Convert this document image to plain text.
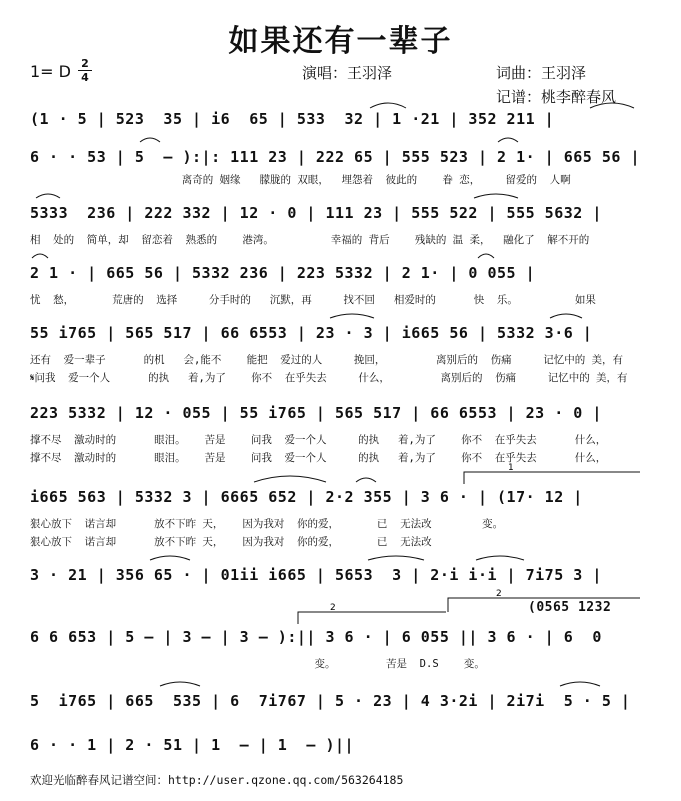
如果还有一辈子
1= D 2
4	演唱：王羽泽	词曲：王羽泽
记谱：桃李醉春风
(1 · 5 | 523  35 | i6  65 | 533  32 | 1 ·21 | 352 211 |
6 · · 53 | 5  – ):|: 111 23 | 222 65 | 555 523 | 2 1· | 665 56 |
离奇的 姻缘   朦胧的 双眼，  埋怨着  彼此的    眷 恋，    留爱的  人啊
5333  236 | 222 332 | 12 · 0 | 111 23 | 555 522 | 555 5632 |
相  处的  简单，却  留恋着  熟悉的    港湾。         幸福的 背后    残缺的 温 柔，  融化了  解不开的
2 1 · | 665 56 | 5332 236 | 223 5332 | 2 1· | 0 055 |
忧  愁，      荒唐的  选择     分手时的   沉默，再     找不回   相爱时的      快  乐。         如果
55 i765 | 565 517 | 66 6553 | 23 · 3 | i665 56 | 5332 3·6 |
还有  爱一辈子      的机   会,能不    能把  爱过的人     挽回，        离别后的  伤痛     记忆中的 美，有
𝄋问我  爱一个人      的执   着,为了    你不  在乎失去     什么，        离别后的  伤痛     记忆中的 美，有
223 5332 | 12 · 055 | 55 i765 | 565 517 | 66 6553 | 23 · 0 |
撑不尽  激动时的      眼泪。   苦是    问我  爱一个人     的执   着,为了    你不  在乎失去      什么，
撑不尽  激动时的      眼泪。   苦是    问我  爱一个人     的执   着,为了    你不  在乎失去      什么，
i665 563 | 5332 3 | 6665 652 | 2·2 355 | 3 6 · | (17· 12 |
狠心放下  诺言却      放不下昨 天，   因为我对  你的爱，      已  无法改        变。
狠心放下  诺言却      放不下昨 天，   因为我对  你的爱，      已  无法改
3 · 21 | 356 65 · | 01ii i665 | 5653  3 | 2·i i·i | 7i75 3 |
(0565 1232
6 6 653 | 5 – | 3 – | 3 – ):|| 3 6 · | 6 055 || 3 6 · | 6  0
变。        苦是  D.S    变。
5  i765 | 665  535 | 6  7i767 | 5 · 23 | 4 3·2i | 2i7i  5 · 5 |
6 · · 1 | 2 · 51 | 1  – | 1  – )||
1
2
2
欢迎光临醉春风记谱空间：http://user.qzone.qq.com/563264185
